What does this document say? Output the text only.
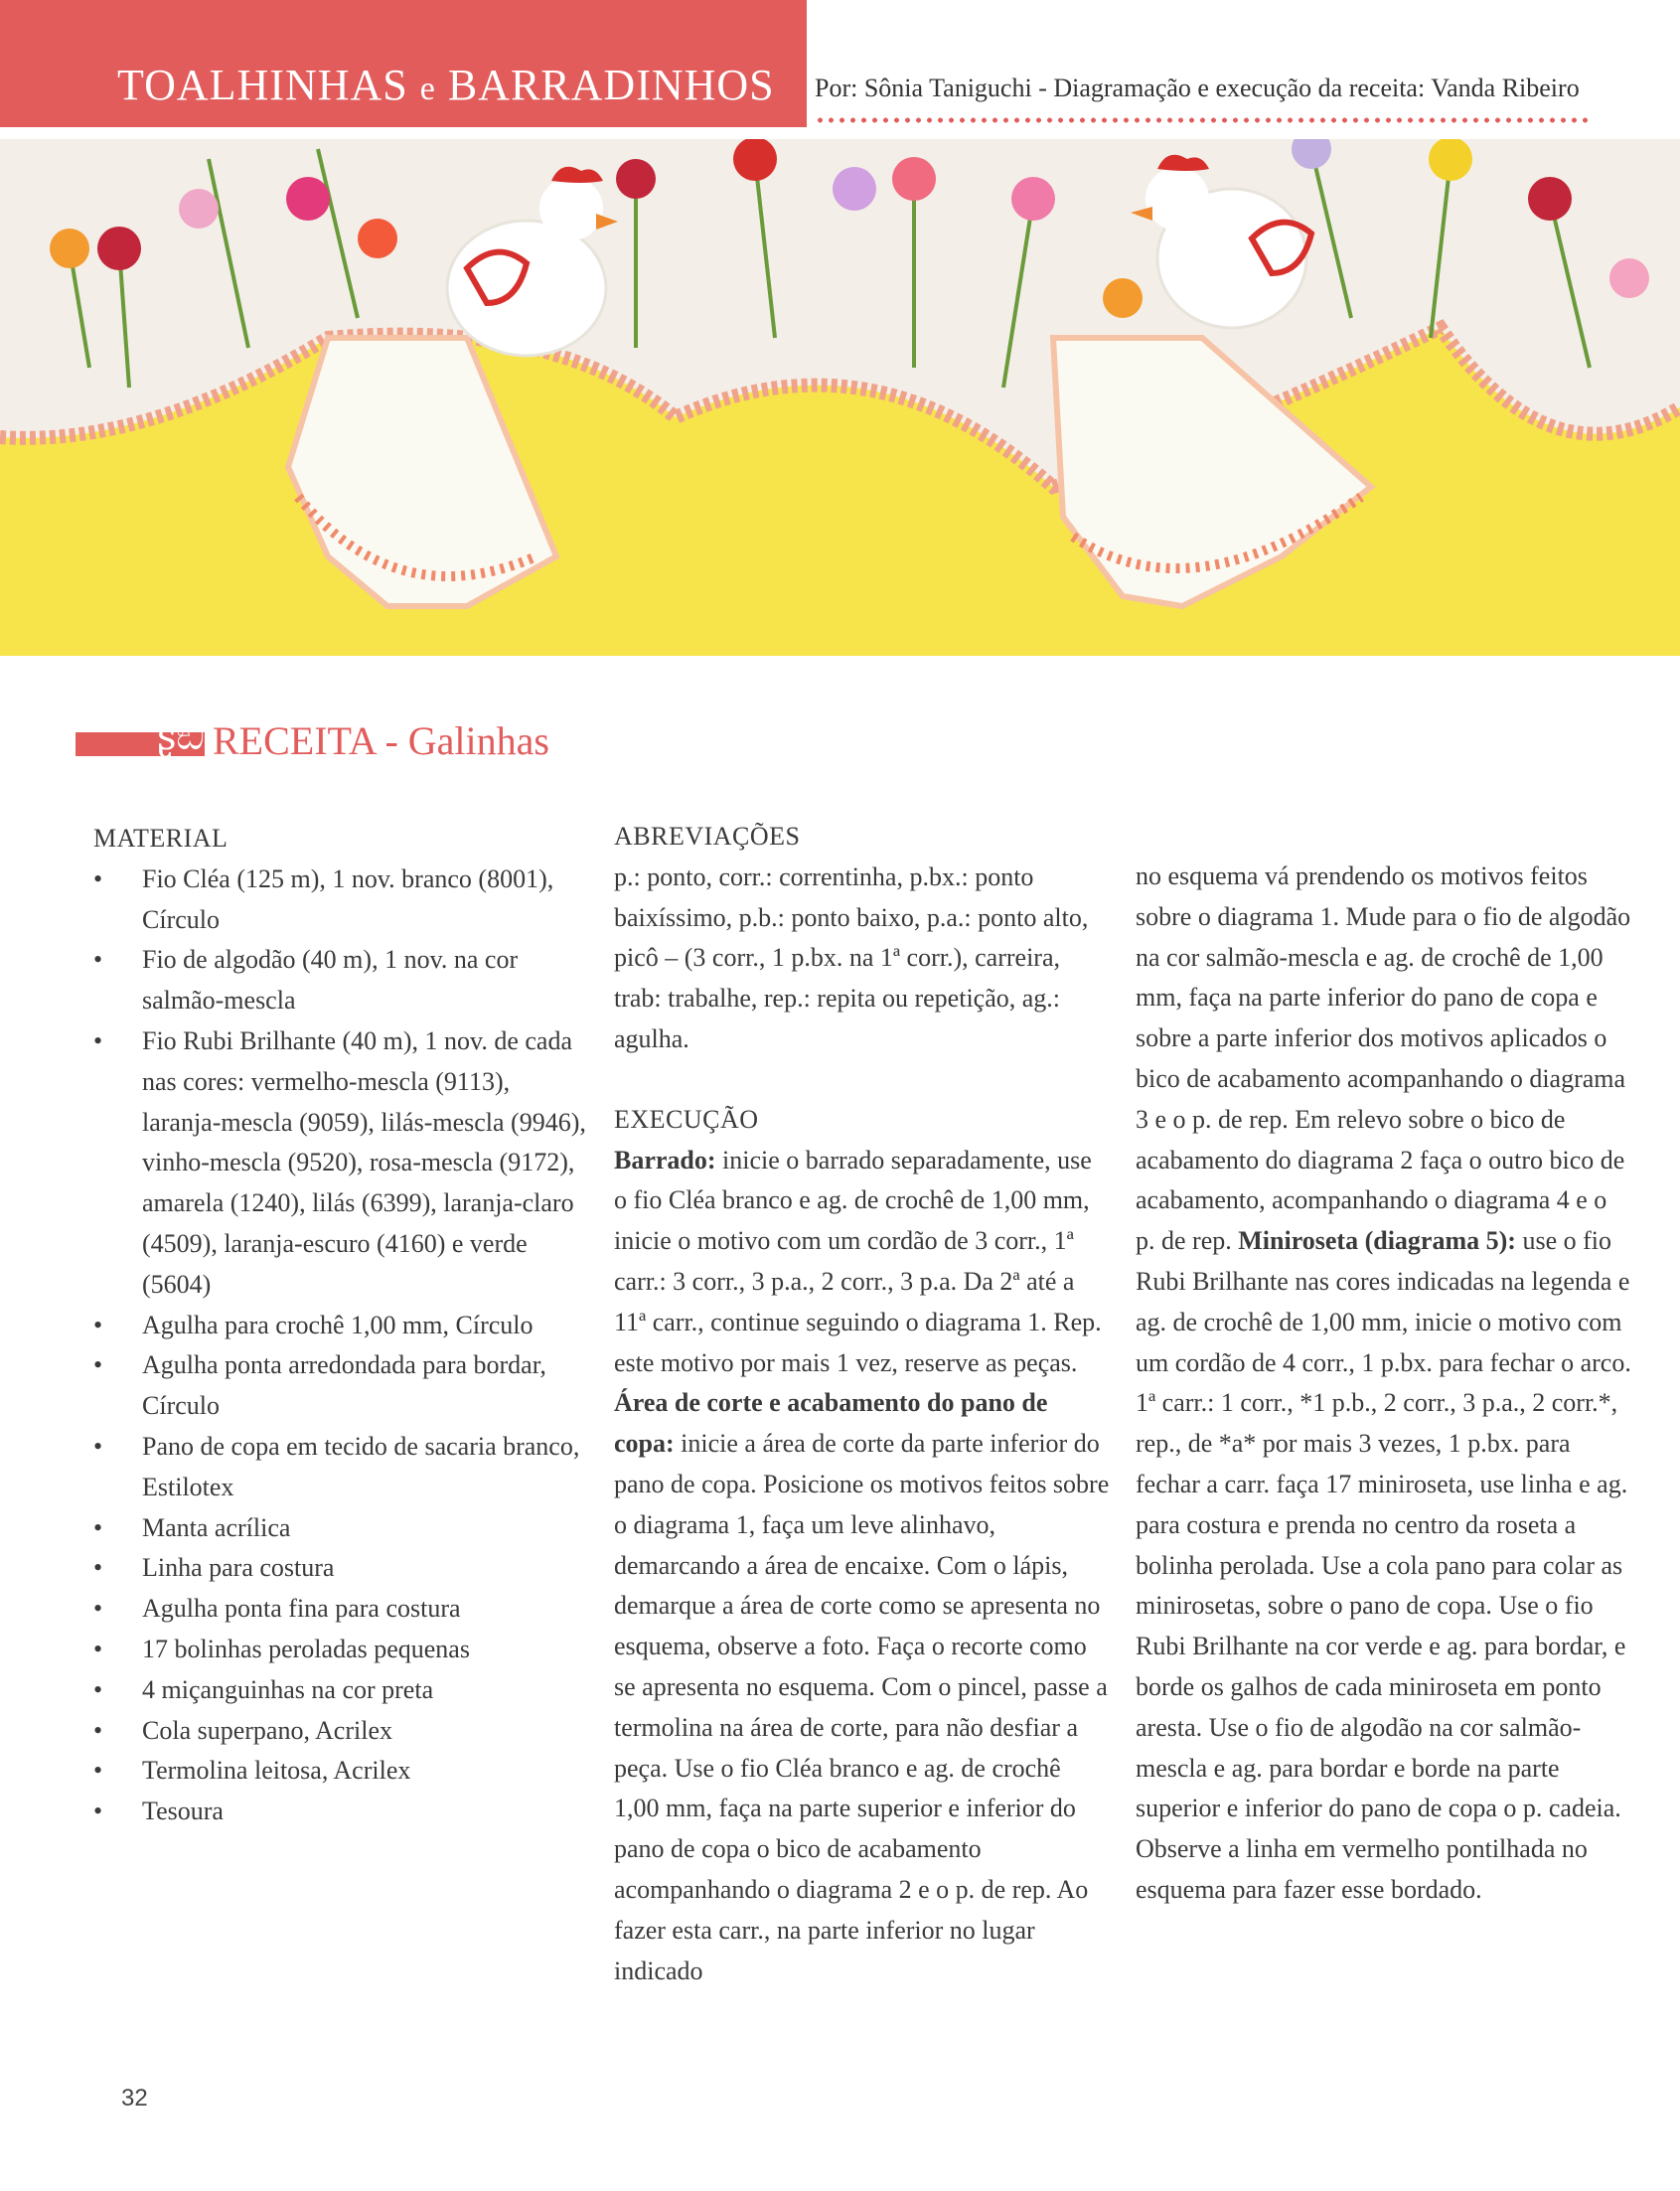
TOALHINHAS e BARRADINHOS Por: Sônia Taniguchi - Diagramação e execução da receita: Vanda Ribeiro
ʂඞ RECEITA - Galinhas
MATERIAL
• Fio Cléa (125 m), 1 nov. branco (8001), Círculo
• Fio de algodão (40 m), 1 nov. na cor salmão-mescla
• Fio Rubi Brilhante (40 m), 1 nov. de cada nas cores: vermelho-mescla (9113), laranja-mescla (9059), lilás-mescla (9946), vinho-mescla (9520), rosa-mescla (9172), amarela (1240), lilás (6399), laranja-claro (4509), laranja-escuro (4160) e verde (5604)
• Agulha para crochê 1,00 mm, Círculo
• Agulha ponta arredondada para bordar, Círculo
• Pano de copa em tecido de sacaria branco, Estilotex
• Manta acrílica
• Linha para costura
• Agulha ponta fina para costura
• 17 bolinhas peroladas pequenas
• 4 miçanguinhas na cor preta
• Cola superpano, Acrilex
• Termolina leitosa, Acrilex
• Tesoura
ABREVIAÇÕES

p.: ponto, corr.: correntinha, p.bx.: ponto baixíssimo, p.b.: ponto baixo, p.a.: ponto alto, picô – (3 corr., 1 p.bx. na 1ª corr.), carreira, trab: trabalhe, rep.: repita ou repetição, ag.: agulha.

EXECUÇÃO

Barrado: inicie o barrado separadamente, use o fio Cléa branco e ag. de crochê de 1,00 mm, inicie o motivo com um cordão de 3 corr., 1ª carr.: 3 corr., 3 p.a., 2 corr., 3 p.a. Da 2ª até a 11ª carr., continue seguindo o diagrama 1. Rep. este motivo por mais 1 vez, reserve as peças. Área de corte e acabamento do pano de copa: inicie a área de corte da parte inferior do pano de copa. Posicione os motivos feitos sobre o diagrama 1, faça um leve alinhavo, demarcando a área de encaixe. Com o lápis, demarque a área de corte como se apresenta no esquema, observe a foto. Faça o recorte como se apresenta no esquema. Com o pincel, passe a termolina na área de corte, para não desfiar a peça. Use o fio Cléa branco e ag. de crochê 1,00 mm, faça na parte superior e inferior do pano de copa o bico de acabamento acompanhando o diagrama 2 e o p. de rep. Ao fazer esta carr., na parte inferior no lugar indicado

no esquema vá prendendo os motivos feitos sobre o diagrama 1. Mude para o fio de algodão na cor salmão-mescla e ag. de crochê de 1,00 mm, faça na parte inferior do pano de copa e sobre a parte inferior dos motivos aplicados o bico de acabamento acompanhando o diagrama 3 e o p. de rep. Em relevo sobre o bico de acabamento do diagrama 2 faça o outro bico de acabamento, acompanhando o diagrama 4 e o p. de rep. Miniroseta (diagrama 5): use o fio Rubi Brilhante nas cores indicadas na legenda e ag. de crochê de 1,00 mm, inicie o motivo com um cordão de 4 corr., 1 p.bx. para fechar o arco. 1ª carr.: 1 corr., *1 p.b., 2 corr., 3 p.a., 2 corr.*, rep., de *a* por mais 3 vezes, 1 p.bx. para fechar a carr. faça 17 miniroseta, use linha e ag. para costura e prenda no centro da roseta a bolinha perolada. Use a cola pano para colar as minirosetas, sobre o pano de copa. Use o fio Rubi Brilhante na cor verde e ag. para bordar, e borde os galhos de cada miniroseta em ponto aresta. Use o fio de algodão na cor salmão-mescla e ag. para bordar e borde na parte superior e inferior do pano de copa o p. cadeia. Observe a linha em vermelho pontilhada no esquema para fazer esse bordado.

32
